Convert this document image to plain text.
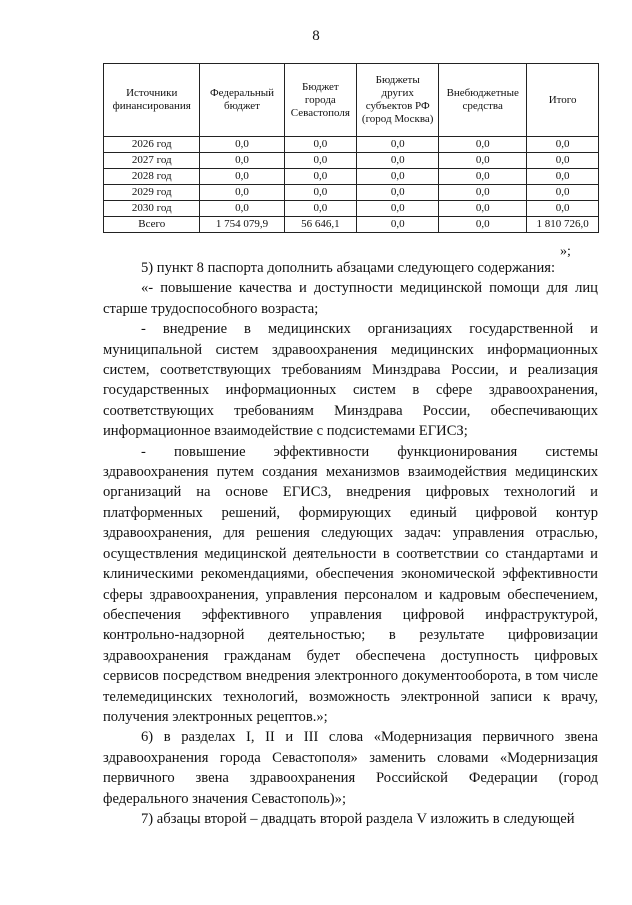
8
Источники финансирования	Федеральный бюджет	Бюджет города Севастополя	Бюджеты других субъектов РФ (город Москва)	Внебюджетные средства	Итого
2026 год	0,0	0,0	0,0	0,0	0,0
2027 год	0,0	0,0	0,0	0,0	0,0
2028 год	0,0	0,0	0,0	0,0	0,0
2029 год	0,0	0,0	0,0	0,0	0,0
2030 год	0,0	0,0	0,0	0,0	0,0
Всего	1 754 079,9	56 646,1	0,0	0,0	1 810 726,0
»;

5) пункт 8 паспорта дополнить абзацами следующего содержания:

«- повышение качества и доступности медицинской помощи для лиц старше трудоспособного возраста;

- внедрение в медицинских организациях государственной и муниципальной систем здравоохранения медицинских информационных систем, соответствующих требованиям Минздрава России, и реализация государственных информационных систем в сфере здравоохранения, соответствующих требованиям Минздрава России, обеспечивающих информационное взаимодействие с подсистемами ЕГИСЗ;

- повышение эффективности функционирования системы здравоохранения путем создания механизмов взаимодействия медицинских организаций на основе ЕГИСЗ, внедрения цифровых технологий и платформенных решений, формирующих единый цифровой контур здравоохранения, для решения следующих задач: управления отраслью, осуществления медицинской деятельности в соответствии со стандартами и клиническими рекомендациями, обеспечения экономической эффективности сферы здравоохранения, управления персоналом и кадровым обеспечением, обеспечения эффективного управления цифровой инфраструктурой, контрольно-надзорной деятельностью; в результате цифровизации здравоохранения гражданам будет обеспечена доступность цифровых сервисов посредством внедрения электронного документооборота, в том числе телемедицинских технологий, возможность электронной записи к врачу, получения электронных рецептов.»;

6) в разделах I, II и III слова «Модернизация первичного звена здравоохранения города Севастополя» заменить словами «Модернизация первичного звена здравоохранения Российской Федерации (город федерального значения Севастополь)»;

7) абзацы второй – двадцать второй раздела V изложить в следующей
